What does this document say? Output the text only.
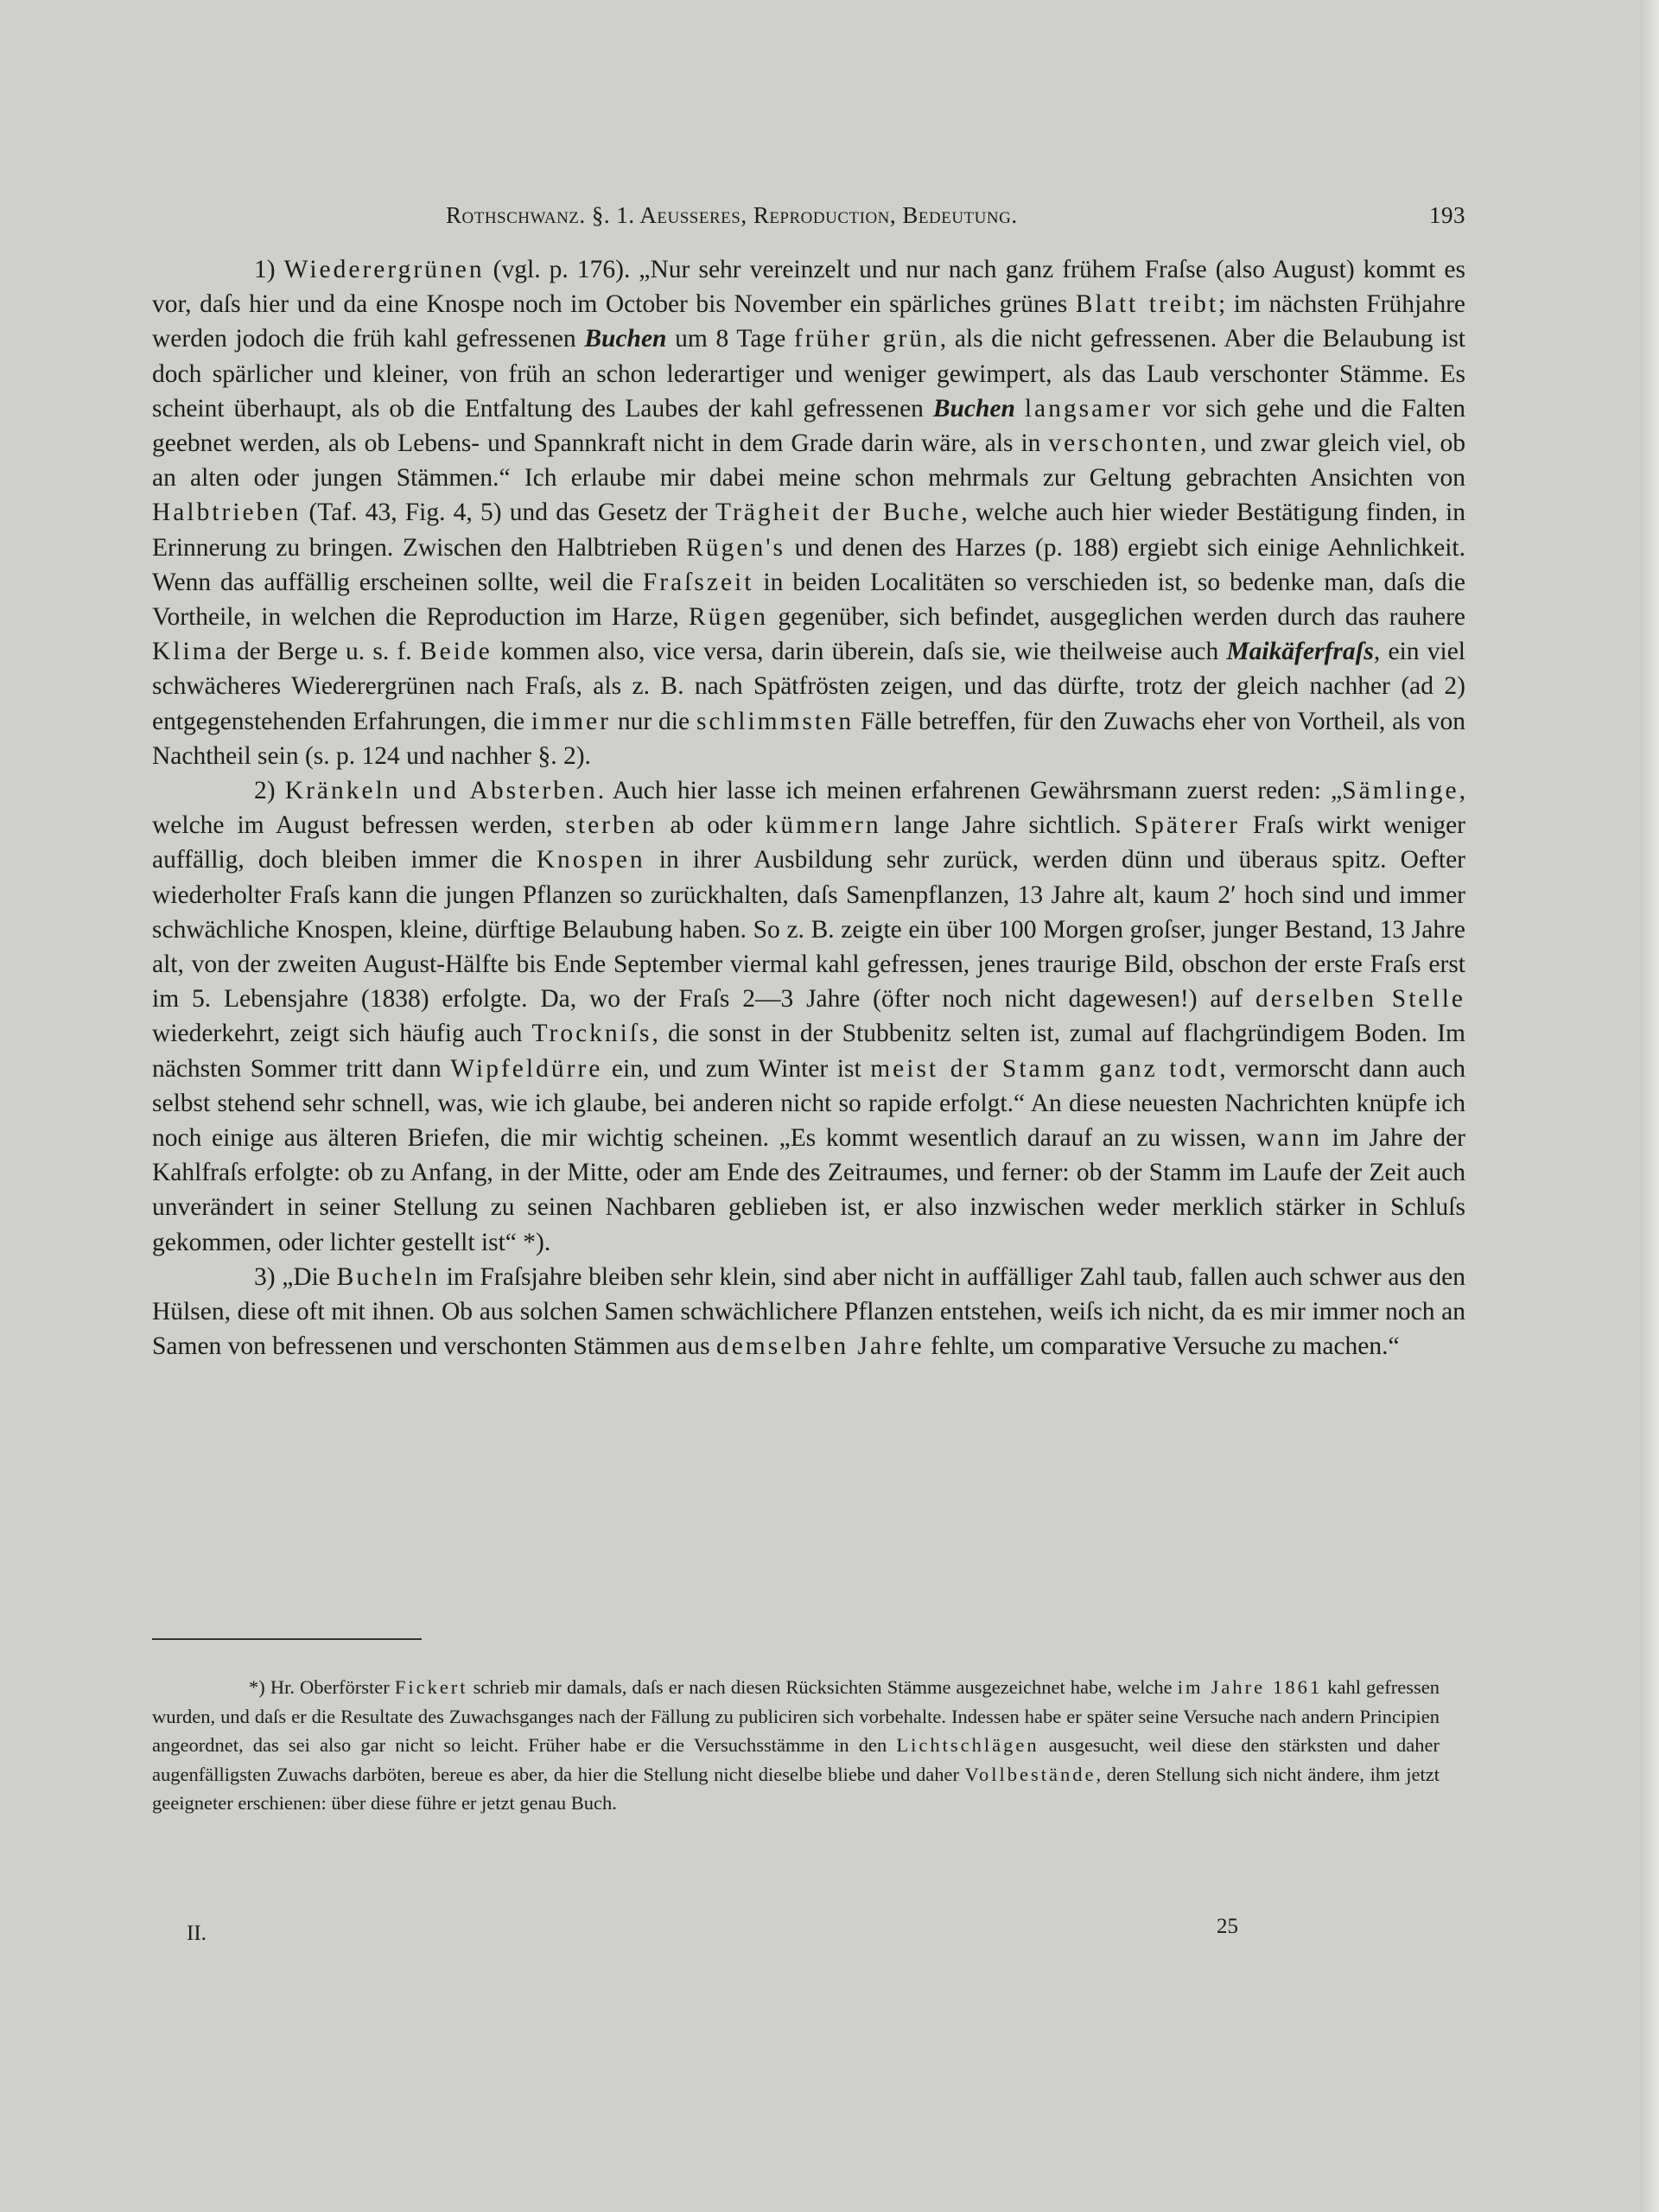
Rothschwanz. §. 1. Aeusseres, Reproduction, Bedeutung.	193

1) Wiederergrünen (vgl. p. 176). „Nur sehr vereinzelt und nur nach ganz frühem Fraſse (also August) kommt es vor, daſs hier und da eine Knospe noch im October bis November ein spärliches grünes Blatt treibt; im nächsten Frühjahre werden jodoch die früh kahl gefressenen Buchen um 8 Tage früher grün, als die nicht gefressenen. Aber die Belaubung ist doch spärlicher und kleiner, von früh an schon lederartiger und weniger gewimpert, als das Laub verschonter Stämme. Es scheint überhaupt, als ob die Entfaltung des Laubes der kahl gefressenen Buchen langsamer vor sich gehe und die Falten geebnet werden, als ob Lebens- und Spannkraft nicht in dem Grade darin wäre, als in verschonten, und zwar gleich viel, ob an alten oder jungen Stämmen.“ Ich erlaube mir dabei meine schon mehrmals zur Geltung gebrachten Ansichten von Halbtrieben (Taf. 43, Fig. 4, 5) und das Gesetz der Trägheit der Buche, welche auch hier wieder Bestätigung finden, in Erinnerung zu bringen. Zwischen den Halbtrieben Rügen's und denen des Harzes (p. 188) ergiebt sich einige Aehnlichkeit. Wenn das auffällig erscheinen sollte, weil die Fraſszeit in beiden Localitäten so verschieden ist, so bedenke man, daſs die Vortheile, in welchen die Reproduction im Harze, Rügen gegenüber, sich befindet, ausgeglichen werden durch das rauhere Klima der Berge u. s. f. Beide kommen also, vice versa, darin überein, daſs sie, wie theilweise auch Maikäferfraſs, ein viel schwächeres Wiederergrünen nach Fraſs, als z. B. nach Spätfrösten zeigen, und das dürfte, trotz der gleich nachher (ad 2) entgegenstehenden Erfahrungen, die immer nur die schlimmsten Fälle betreffen, für den Zuwachs eher von Vortheil, als von Nachtheil sein (s. p. 124 und nachher §. 2).

2) Kränkeln und Absterben. Auch hier lasse ich meinen erfahrenen Gewährsmann zuerst reden: „Sämlinge, welche im August befressen werden, sterben ab oder kümmern lange Jahre sichtlich. Späterer Fraſs wirkt weniger auffällig, doch bleiben immer die Knospen in ihrer Ausbildung sehr zurück, werden dünn und überaus spitz. Oefter wiederholter Fraſs kann die jungen Pflanzen so zurückhalten, daſs Samenpflanzen, 13 Jahre alt, kaum 2′ hoch sind und immer schwächliche Knospen, kleine, dürftige Belaubung haben. So z. B. zeigte ein über 100 Morgen groſser, junger Bestand, 13 Jahre alt, von der zweiten August-Hälfte bis Ende September viermal kahl gefressen, jenes traurige Bild, obschon der erste Fraſs erst im 5. Lebensjahre (1838) erfolgte. Da, wo der Fraſs 2—3 Jahre (öfter noch nicht dagewesen!) auf derselben Stelle wiederkehrt, zeigt sich häufig auch Trockniſs, die sonst in der Stubbenitz selten ist, zumal auf flachgründigem Boden. Im nächsten Sommer tritt dann Wipfeldürre ein, und zum Winter ist meist der Stamm ganz todt, vermorscht dann auch selbst stehend sehr schnell, was, wie ich glaube, bei anderen nicht so rapide erfolgt.“ An diese neuesten Nachrichten knüpfe ich noch einige aus älteren Briefen, die mir wichtig scheinen. „Es kommt wesentlich darauf an zu wissen, wann im Jahre der Kahlfraſs erfolgte: ob zu Anfang, in der Mitte, oder am Ende des Zeitraumes, und ferner: ob der Stamm im Laufe der Zeit auch unverändert in seiner Stellung zu seinen Nachbaren geblieben ist, er also inzwischen weder merklich stärker in Schluſs gekommen, oder lichter gestellt ist“ *).

3) „Die Bucheln im Fraſsjahre bleiben sehr klein, sind aber nicht in auffälliger Zahl taub, fallen auch schwer aus den Hülsen, diese oft mit ihnen. Ob aus solchen Samen schwächlichere Pflanzen entstehen, weiſs ich nicht, da es mir immer noch an Samen von befressenen und verschonten Stämmen aus demselben Jahre fehlte, um comparative Versuche zu machen.“

*) Hr. Oberförster Fickert schrieb mir damals, daſs er nach diesen Rücksichten Stämme ausgezeichnet habe, welche im Jahre 1861 kahl gefressen wurden, und daſs er die Resultate des Zuwachsganges nach der Fällung zu publiciren sich vorbehalte. Indessen habe er später seine Versuche nach andern Principien angeordnet, das sei also gar nicht so leicht. Früher habe er die Versuchsstämme in den Lichtschlägen ausgesucht, weil diese den stärksten und daher augenfälligsten Zuwachs darböten, bereue es aber, da hier die Stellung nicht dieselbe bliebe und daher Vollbestände, deren Stellung sich nicht ändere, ihm jetzt geeigneter erschienen: über diese führe er jetzt genau Buch.

II.	25
